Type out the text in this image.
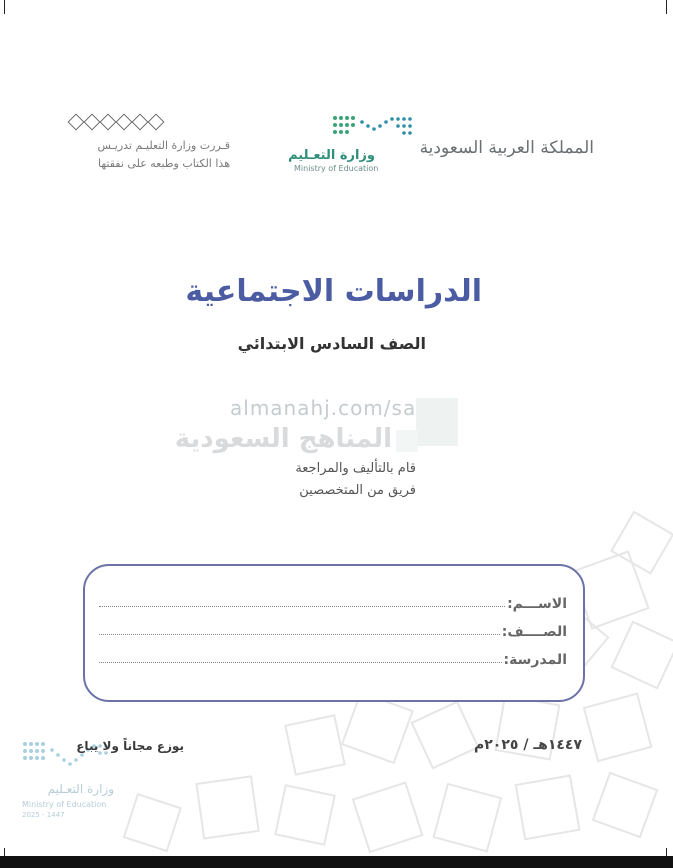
قـررت وزارة التعليـم تدريـس
هذا الكتاب وطبعه على نفقتها
وزارة التعـليم
Ministry of Education
المملكة العربية السعودية
الدراسات الاجتماعية
الصف السادس الابتدائي
almanahj.com/sa
المناهج السعودية
قام بالتأليف والمراجعة
فريق من المتخصصين
الاســـم:
الصــــف:
المدرسة:
١٤٤٧هـ / ٢٠٢٥م
وزارة التعـليم
Ministry of Education
2025 - 1447
يوزع مجاناً ولا يباع
